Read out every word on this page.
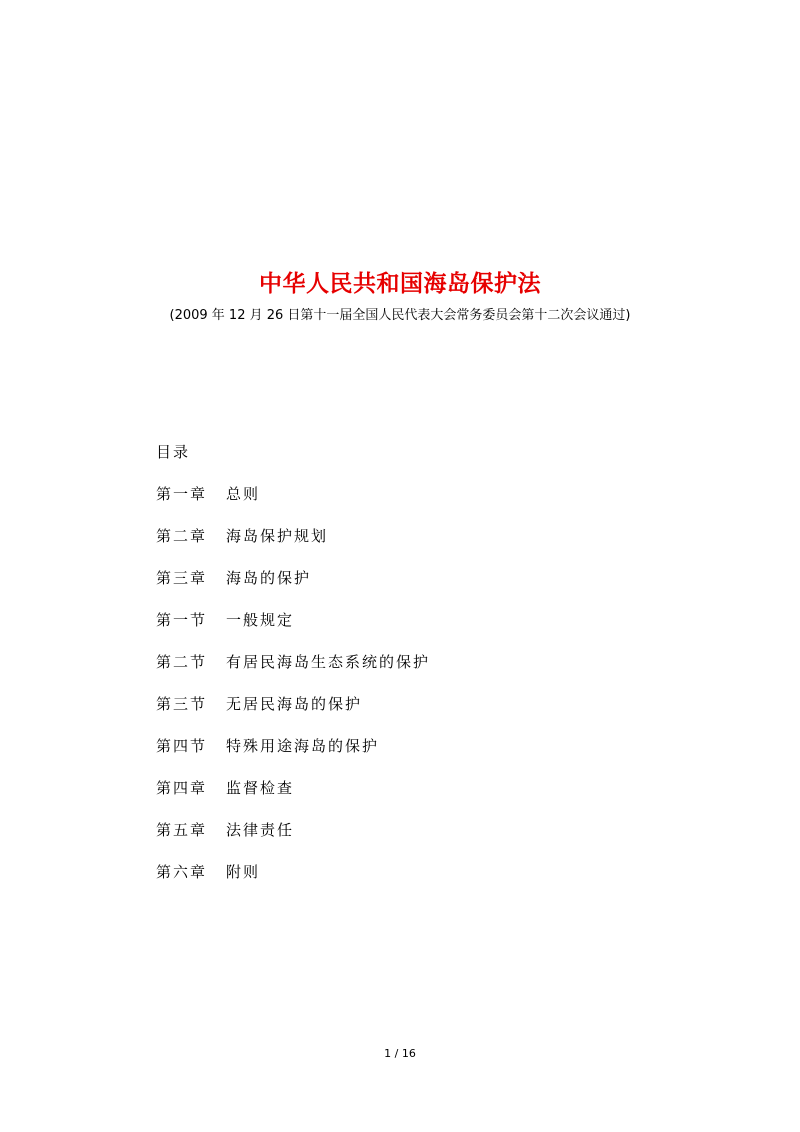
中华人民共和国海岛保护法
(2009 年 12 月 26 日第十一届全国人民代表大会常务委员会第十二次会议通过)
目录
第一章 总则
第二章 海岛保护规划
第三章 海岛的保护
第一节 一般规定
第二节 有居民海岛生态系统的保护
第三节 无居民海岛的保护
第四节 特殊用途海岛的保护
第四章 监督检查
第五章 法律责任
第六章 附则
1 / 16
